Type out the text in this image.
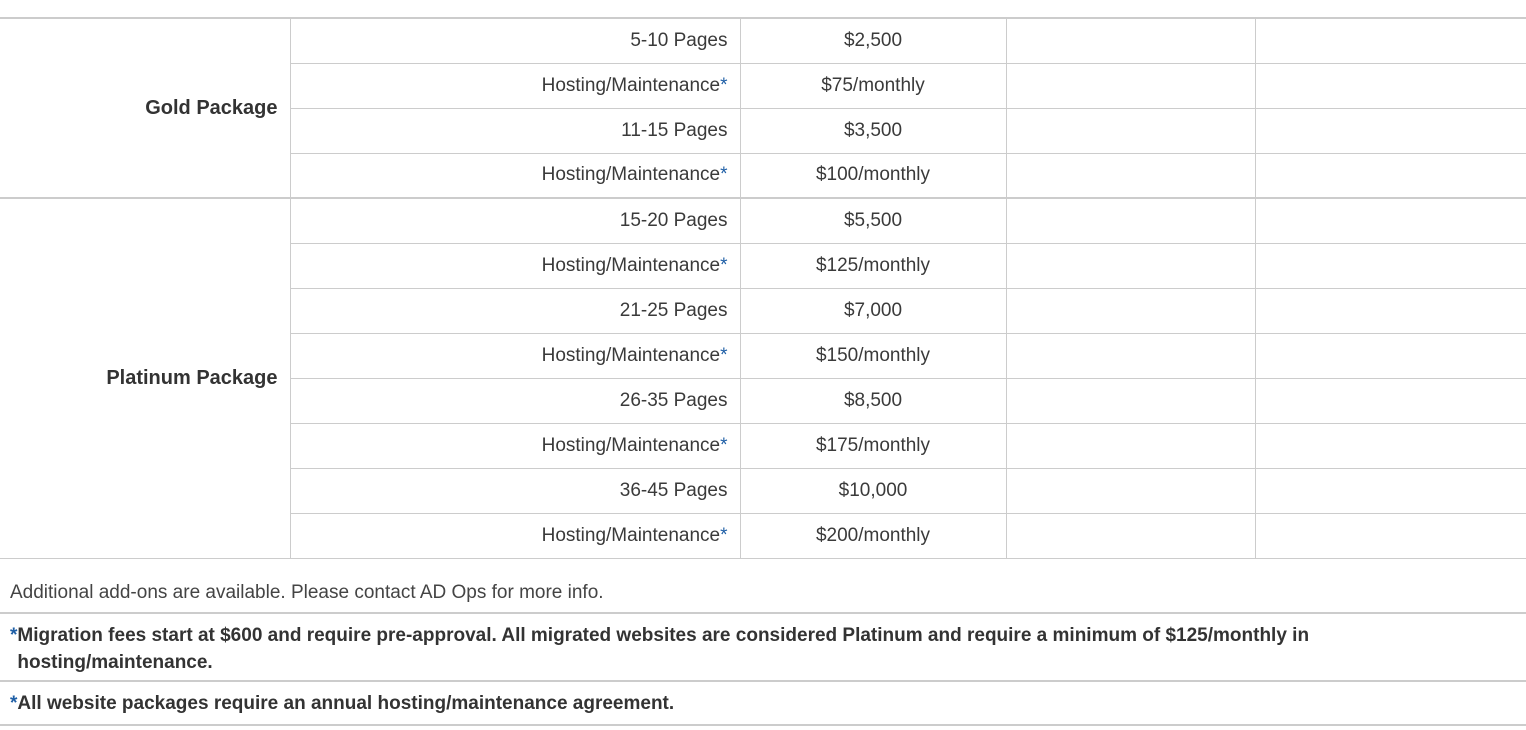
Gold Package	5-10 Pages	$2,500		
	Hosting/Maintenance*	$75/monthly		
	11-15 Pages	$3,500		
	Hosting/Maintenance*	$100/monthly		
Platinum Package	15-20 Pages	$5,500		
	Hosting/Maintenance*	$125/monthly		
	21-25 Pages	$7,000		
	Hosting/Maintenance*	$150/monthly		
	26-35 Pages	$8,500		
	Hosting/Maintenance*	$175/monthly		
	36-45 Pages	$10,000		
	Hosting/Maintenance*	$200/monthly		
Additional add-ons are available. Please contact AD Ops for more info.
*Migration fees start at $600 and require pre-approval. All migrated websites are considered Platinum and require a minimum of $125/monthly in hosting/maintenance.
*All website packages require an annual hosting/maintenance agreement.
